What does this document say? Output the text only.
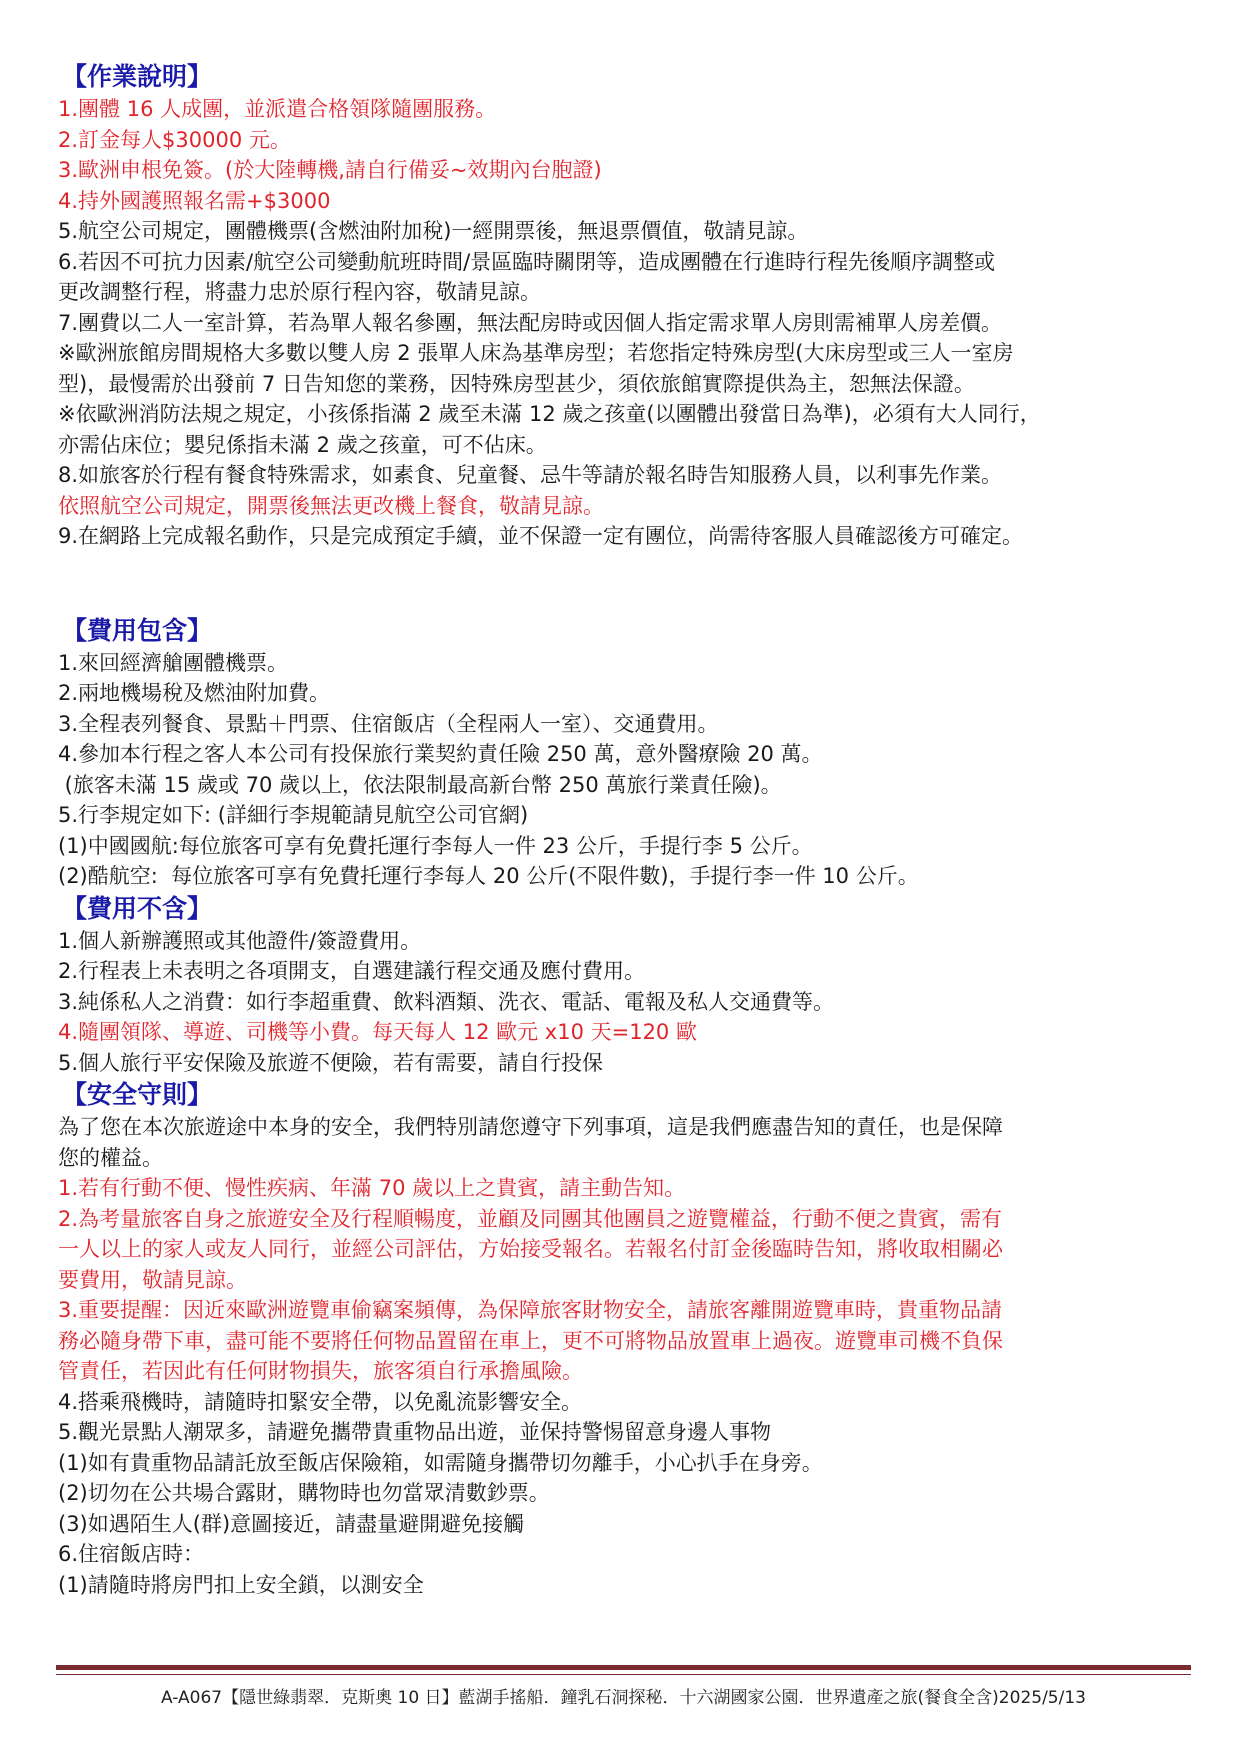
【作業說明】
1.團體 16 人成團，並派遣合格領隊隨團服務。
2.訂金每人$30000 元。
3.歐洲申根免簽。(於大陸轉機,請自行備妥~效期內台胞證)
4.持外國護照報名需+$3000
5.航空公司規定，團體機票(含燃油附加稅)一經開票後，無退票價值，敬請見諒。
6.若因不可抗力因素/航空公司變動航班時間/景區臨時關閉等，造成團體在行進時行程先後順序調整或
更改調整行程，將盡力忠於原行程內容，敬請見諒。
7.團費以二人一室計算，若為單人報名參團，無法配房時或因個人指定需求單人房則需補單人房差價。
※歐洲旅館房間規格大多數以雙人房 2 張單人床為基準房型；若您指定特殊房型(大床房型或三人一室房
型)，最慢需於出發前 7 日告知您的業務，因特殊房型甚少，須依旅館實際提供為主，恕無法保證。
※依歐洲消防法規之規定，小孩係指滿 2 歲至未滿 12 歲之孩童(以團體出發當日為準)，必須有大人同行，
亦需佔床位；嬰兒係指未滿 2 歲之孩童，可不佔床。
8.如旅客於行程有餐食特殊需求，如素食、兒童餐、忌牛等請於報名時告知服務人員，以利事先作業。
依照航空公司規定，開票後無法更改機上餐食，敬請見諒。
9.在網路上完成報名動作，只是完成預定手續，並不保證一定有團位，尚需待客服人員確認後方可確定。
【費用包含】
1.來回經濟艙團體機票。
2.兩地機場稅及燃油附加費。
3.全程表列餐食、景點＋門票、住宿飯店（全程兩人一室）、交通費用。
4.參加本行程之客人本公司有投保旅行業契約責任險 250 萬，意外醫療險 20 萬。
(旅客未滿 15 歲或 70 歲以上，依法限制最高新台幣 250 萬旅行業責任險)。
5.行李規定如下: (詳細行李規範請見航空公司官網)
(1)中國國航:每位旅客可享有免費托運行李每人一件 23 公斤，手提行李 5 公斤。
(2)酷航空:  每位旅客可享有免費托運行李每人 20 公斤(不限件數)，手提行李一件 10 公斤。
【費用不含】
1.個人新辦護照或其他證件/簽證費用。
2.行程表上未表明之各項開支，自選建議行程交通及應付費用。
3.純係私人之消費：如行李超重費、飲料酒類、洗衣、電話、電報及私人交通費等。
4.隨團領隊、導遊、司機等小費。每天每人 12 歐元 x10 天=120 歐
5.個人旅行平安保險及旅遊不便險，若有需要，請自行投保
【安全守則】
為了您在本次旅遊途中本身的安全，我們特別請您遵守下列事項，這是我們應盡告知的責任，也是保障
您的權益。
1.若有行動不便、慢性疾病、年滿 70 歲以上之貴賓，請主動告知。
2.為考量旅客自身之旅遊安全及行程順暢度，並顧及同團其他團員之遊覽權益，行動不便之貴賓，需有
一人以上的家人或友人同行，並經公司評估，方始接受報名。若報名付訂金後臨時告知，將收取相關必
要費用，敬請見諒。
3.重要提醒：因近來歐洲遊覽車偷竊案頻傳，為保障旅客財物安全，請旅客離開遊覽車時，貴重物品請
務必隨身帶下車，盡可能不要將任何物品置留在車上，更不可將物品放置車上過夜。遊覽車司機不負保
管責任，若因此有任何財物損失，旅客須自行承擔風險。
4.搭乘飛機時，請隨時扣緊安全帶，以免亂流影響安全。
5.觀光景點人潮眾多，請避免攜帶貴重物品出遊，並保持警惕留意身邊人事物
(1)如有貴重物品請託放至飯店保險箱，如需隨身攜帶切勿離手，小心扒手在身旁。
(2)切勿在公共場合露財，購物時也勿當眾清數鈔票。
(3)如遇陌生人(群)意圖接近，請盡量避開避免接觸
6.住宿飯店時：
(1)請隨時將房門扣上安全鎖，以測安全
A-A067【隱世綠翡翠．克斯奧 10 日】藍湖手搖船．鐘乳石洞探秘．十六湖國家公園．世界遺產之旅(餐食全含)2025/5/13
